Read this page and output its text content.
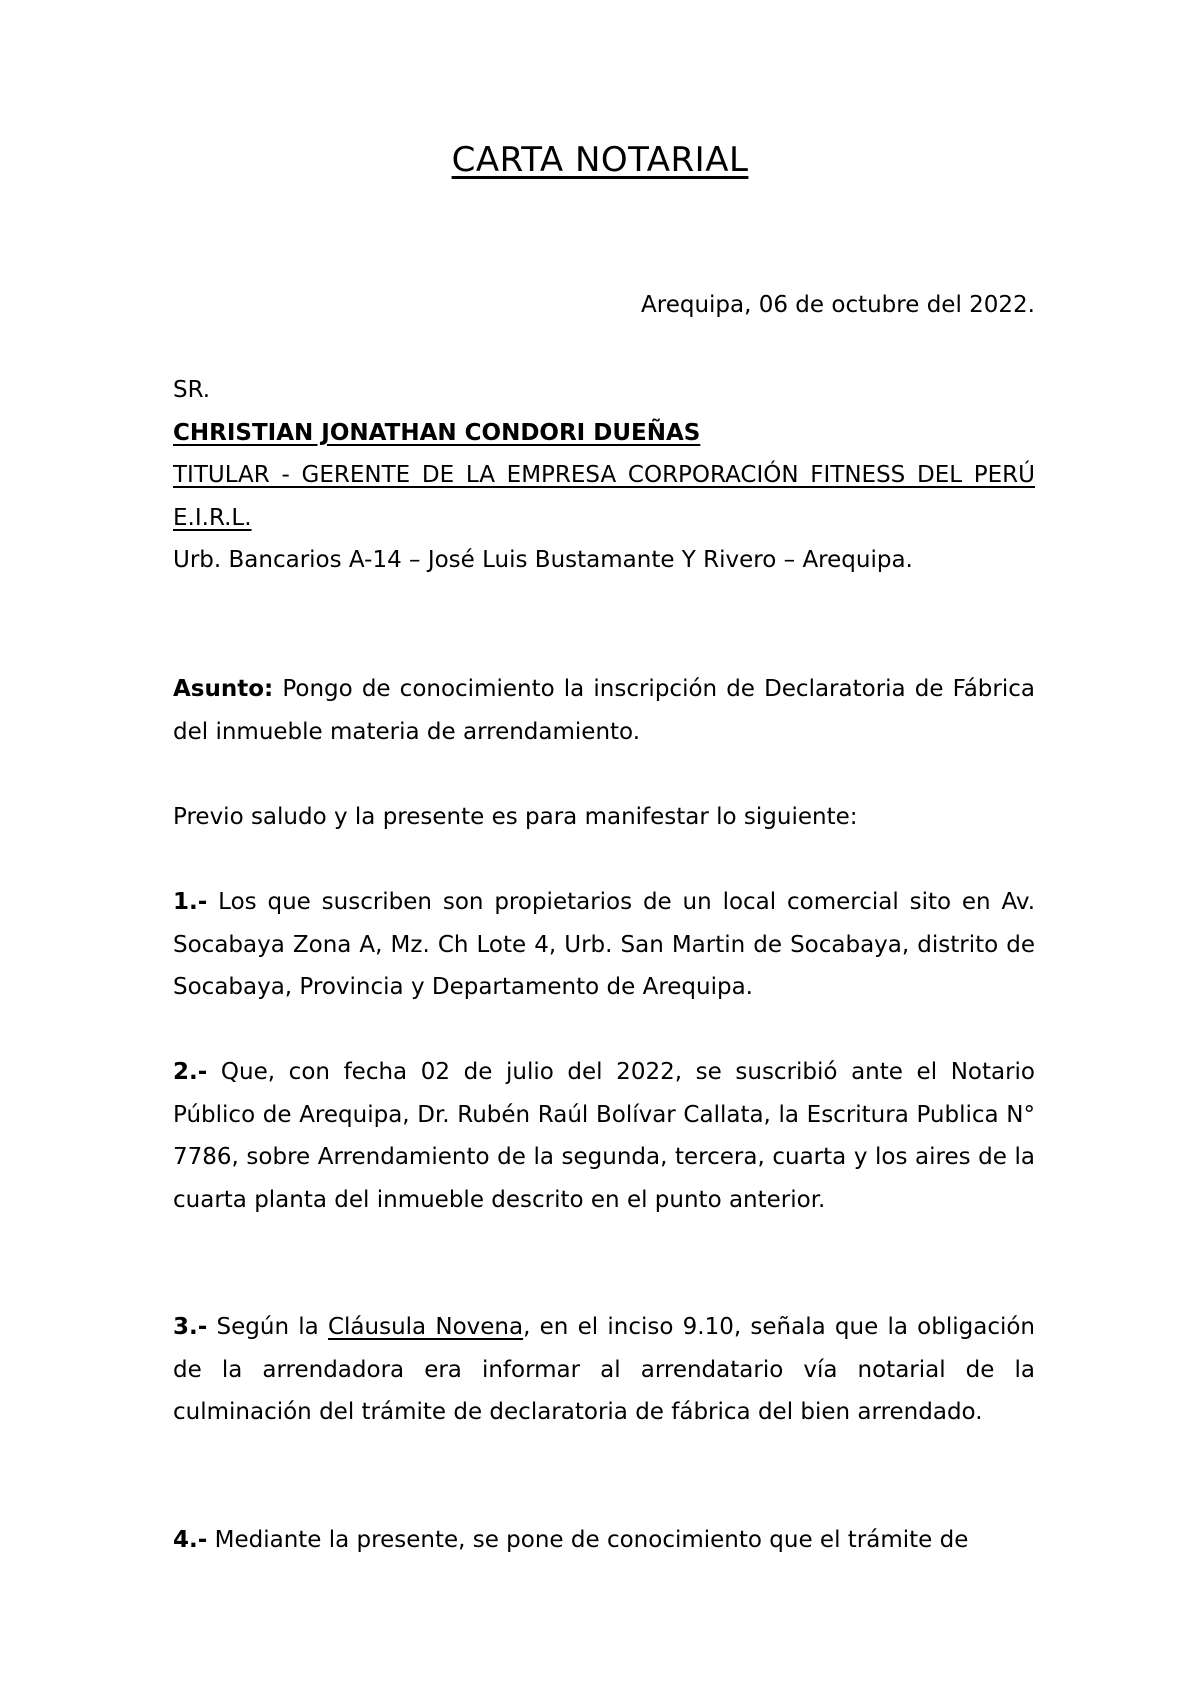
CARTA NOTARIAL
Arequipa, 06 de octubre del 2022.

SR.

CHRISTIAN JONATHAN CONDORI DUEÑAS

TITULAR - GERENTE DE LA EMPRESA CORPORACIÓN FITNESS DEL PERÚ E.I.R.L.

Urb. Bancarios A-14 – José Luis Bustamante Y Rivero – Arequipa.

Asunto: Pongo de conocimiento la inscripción de Declaratoria de Fábrica del inmueble materia de arrendamiento.

Previo saludo y la presente es para manifestar lo siguiente:

1.- Los que suscriben son propietarios de un local comercial sito en Av. Socabaya Zona A, Mz. Ch Lote 4, Urb. San Martin de Socabaya, distrito de Socabaya, Provincia y Departamento de Arequipa.

2.- Que, con fecha 02 de julio del 2022, se suscribió ante el Notario Público de Arequipa, Dr. Rubén Raúl Bolívar Callata, la Escritura Publica N° 7786, sobre Arrendamiento de la segunda, tercera, cuarta y los aires de la cuarta planta del inmueble descrito en el punto anterior.

3.- Según la Cláusula Novena, en el inciso 9.10, señala que la obligación de la arrendadora era informar al arrendatario vía notarial de la culminación del trámite de declaratoria de fábrica del bien arrendado.

4.- Mediante la presente, se pone de conocimiento que el trámite de
